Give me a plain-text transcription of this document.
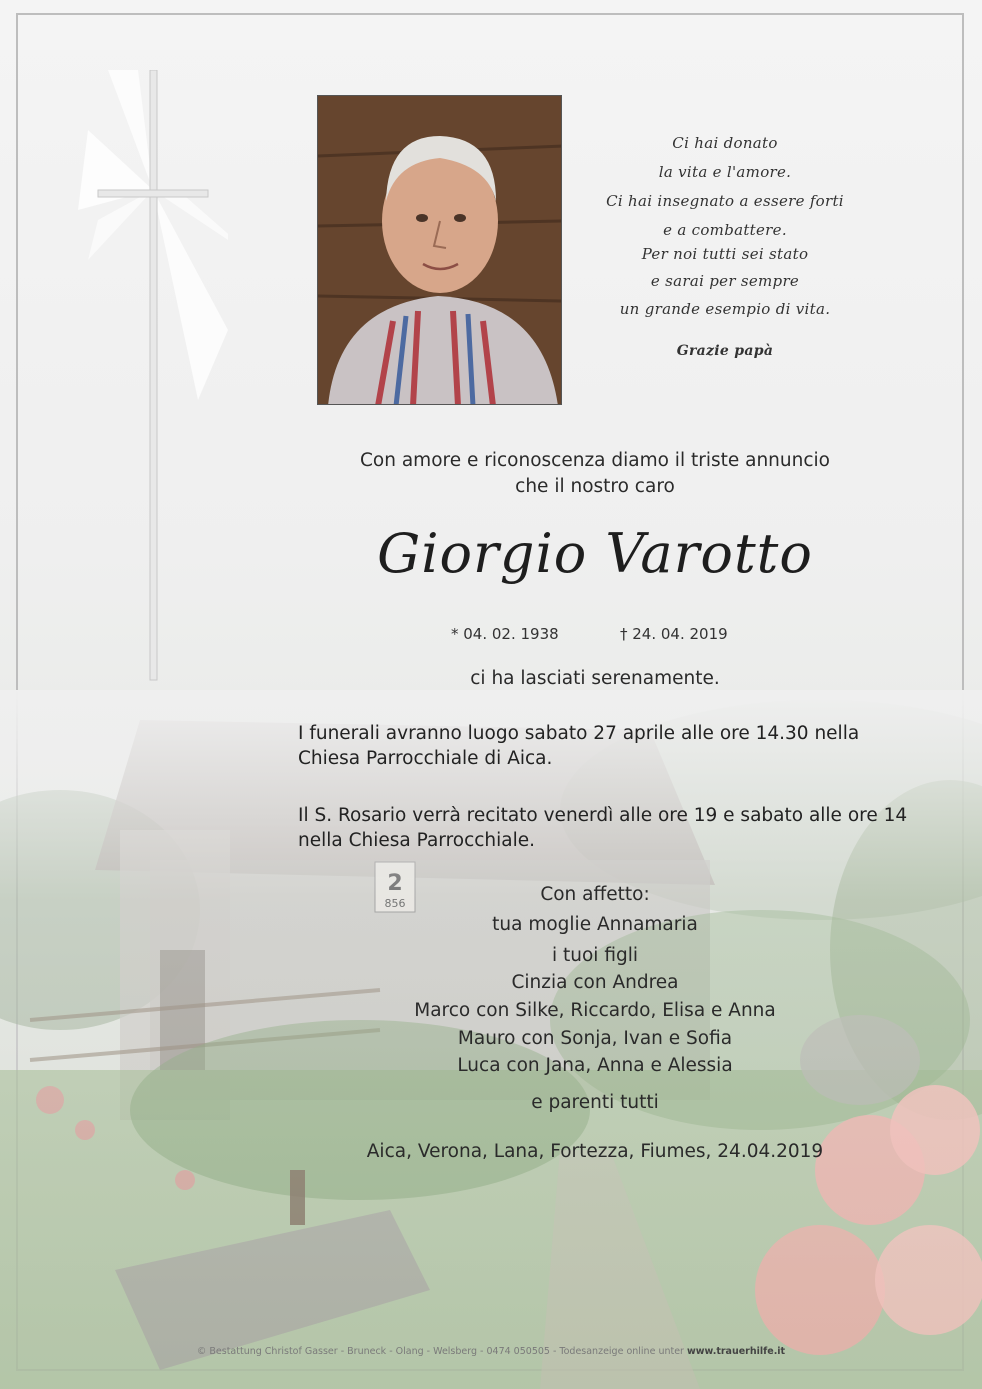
Ci hai donato
la vita e l'amore.
Ci hai insegnato a essere forti
e a combattere.
Per noi tutti sei stato
e sarai per sempre
un grande esempio di vita.
Grazie papà
Con amore e riconoscenza diamo il triste annuncio
che il nostro caro
Giorgio Varotto
* 04. 02. 1938	† 24. 04. 2019
ci ha lasciati serenamente.
I funerali avranno luogo sabato 27 aprile alle ore 14.30 nella Chiesa Parrocchiale di Aica.
Il S. Rosario verrà recitato venerdì alle ore 19 e sabato alle ore 14 nella Chiesa Parrocchiale.
Con affetto:
tua moglie Annamaria
i tuoi figli
Cinzia con Andrea
Marco con Silke, Riccardo, Elisa e Anna
Mauro con Sonja, Ivan e Sofia
Luca con Jana, Anna e Alessia
e parenti tutti
Aica, Verona, Lana, Fortezza, Fiumes, 24.04.2019
© Bestattung Christof Gasser - Bruneck - Olang - Welsberg - 0474 050505 - Todesanzeige online unter www.trauerhilfe.it
